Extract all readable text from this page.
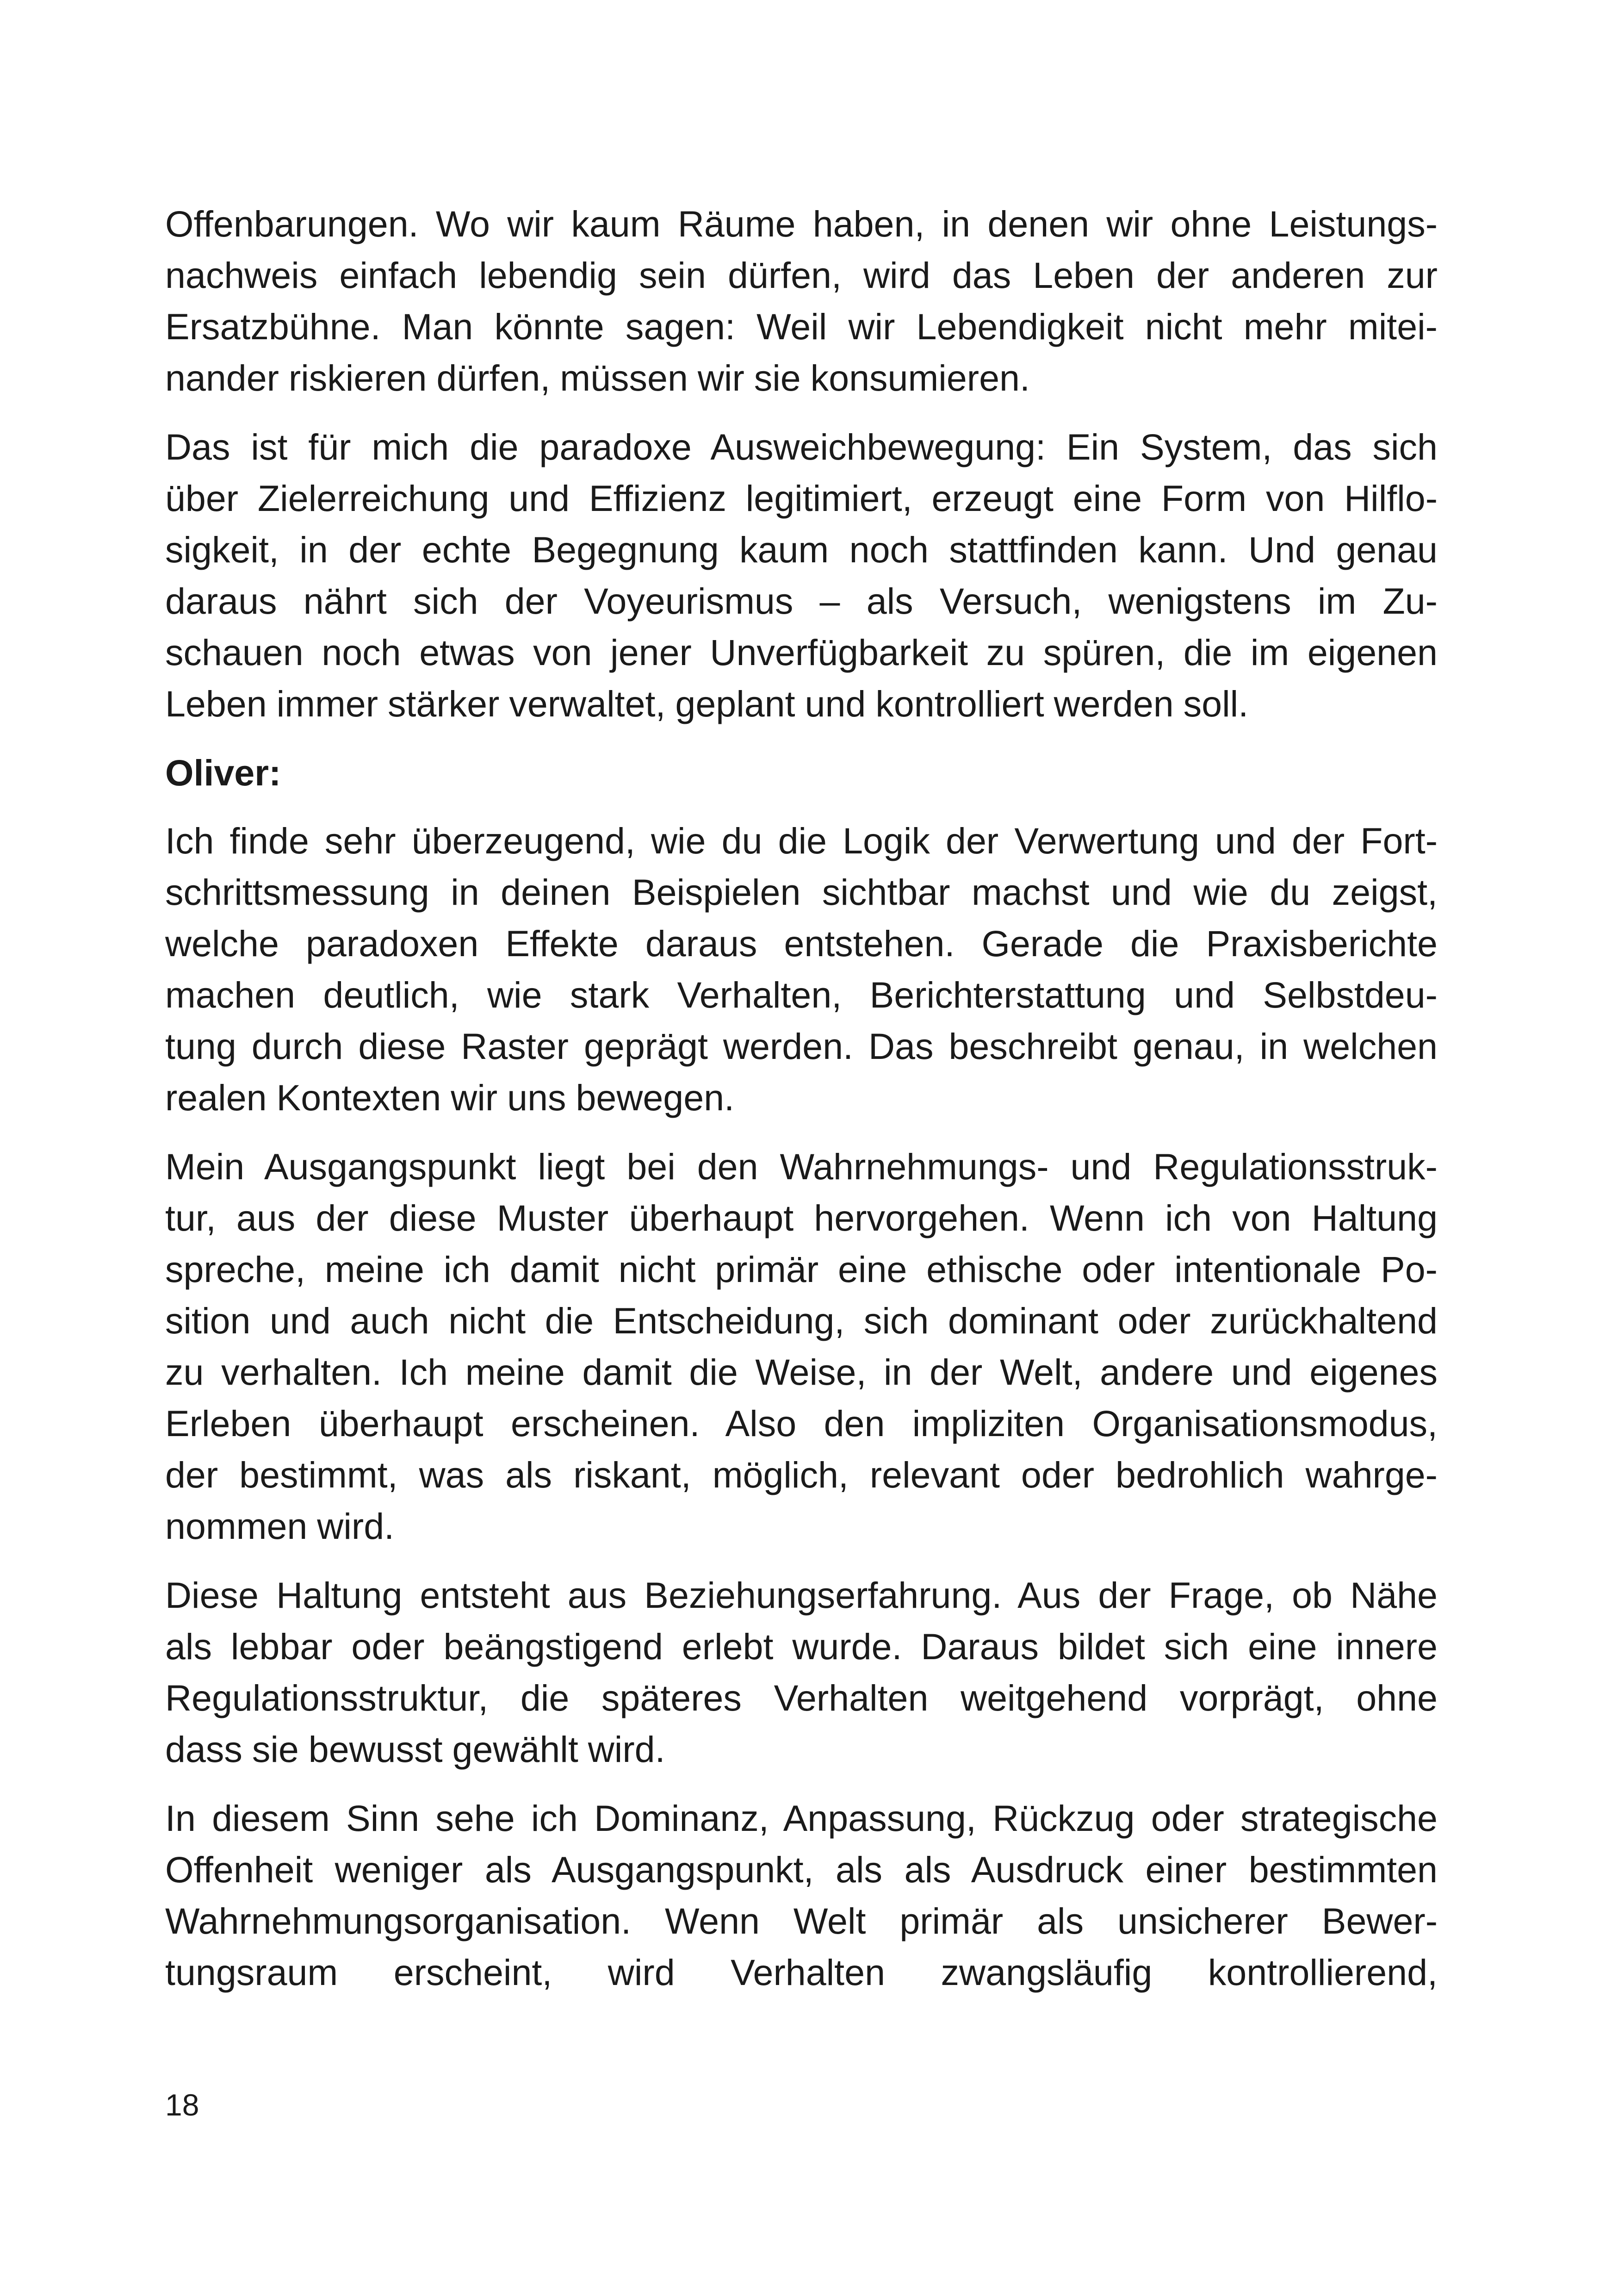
Offenbarungen. Wo wir kaum Räume haben, in denen wir ohne Leistungs-
nachweis einfach lebendig sein dürfen, wird das Leben der anderen zur
Ersatzbühne. Man könnte sagen: Weil wir Lebendigkeit nicht mehr mitei-
nander riskieren dürfen, müssen wir sie konsumieren.

Das ist für mich die paradoxe Ausweichbewegung: Ein System, das sich
über Zielerreichung und Effizienz legitimiert, erzeugt eine Form von Hilflo-
sigkeit, in der echte Begegnung kaum noch stattfinden kann. Und genau
daraus nährt sich der Voyeurismus – als Versuch, wenigstens im Zu-
schauen noch etwas von jener Unverfügbarkeit zu spüren, die im eigenen
Leben immer stärker verwaltet, geplant und kontrolliert werden soll.

Oliver:

Ich finde sehr überzeugend, wie du die Logik der Verwertung und der Fort-
schrittsmessung in deinen Beispielen sichtbar machst und wie du zeigst,
welche paradoxen Effekte daraus entstehen. Gerade die Praxisberichte
machen deutlich, wie stark Verhalten, Berichterstattung und Selbstdeu-
tung durch diese Raster geprägt werden. Das beschreibt genau, in welchen
realen Kontexten wir uns bewegen.

Mein Ausgangspunkt liegt bei den Wahrnehmungs- und Regulationsstruk-
tur, aus der diese Muster überhaupt hervorgehen. Wenn ich von Haltung
spreche, meine ich damit nicht primär eine ethische oder intentionale Po-
sition und auch nicht die Entscheidung, sich dominant oder zurückhaltend
zu verhalten. Ich meine damit die Weise, in der Welt, andere und eigenes
Erleben überhaupt erscheinen. Also den impliziten Organisationsmodus,
der bestimmt, was als riskant, möglich, relevant oder bedrohlich wahrge-
nommen wird.

Diese Haltung entsteht aus Beziehungserfahrung. Aus der Frage, ob Nähe
als lebbar oder beängstigend erlebt wurde. Daraus bildet sich eine innere
Regulationsstruktur, die späteres Verhalten weitgehend vorprägt, ohne
dass sie bewusst gewählt wird.

In diesem Sinn sehe ich Dominanz, Anpassung, Rückzug oder strategische
Offenheit weniger als Ausgangspunkt, als als Ausdruck einer bestimmten
Wahrnehmungsorganisation. Wenn Welt primär als unsicherer Bewer-
tungsraum erscheint, wird Verhalten zwangsläufig kontrollierend,

18
